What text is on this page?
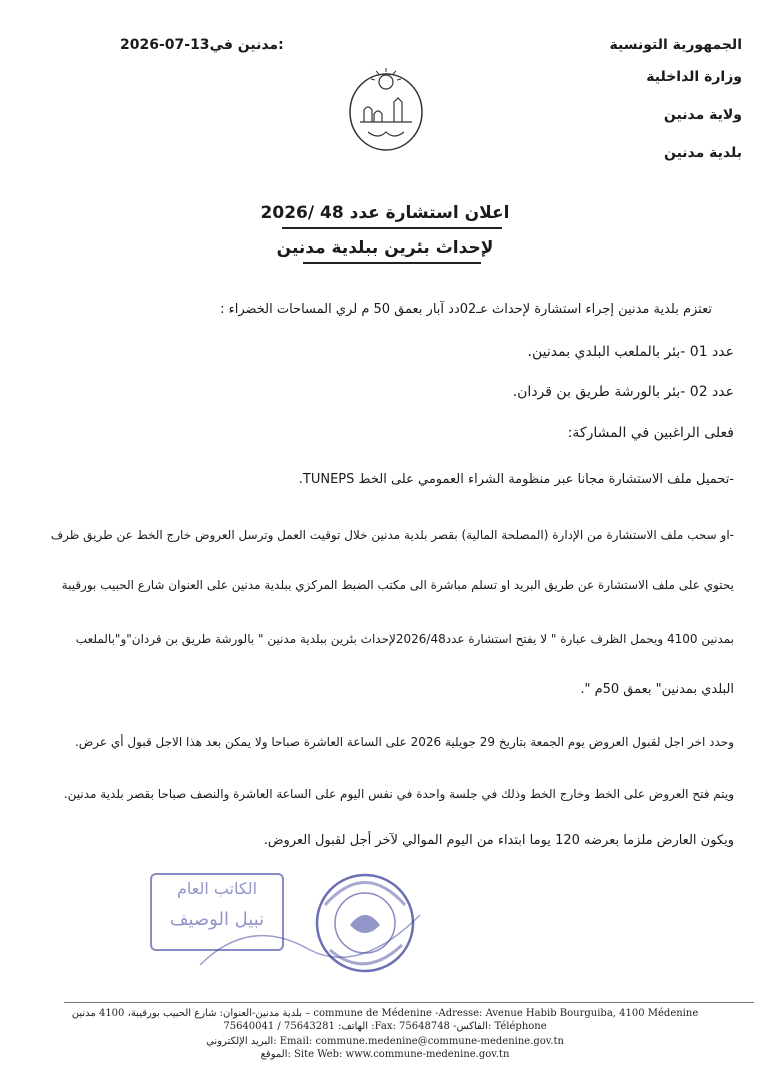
الجمهورية التونسية
وزارة الداخلية
ولاية مدنين
بلدية مدنين
2026-07-13مدنين في:
اعلان استشارة عدد 48 /2026
لإحداث بئرين ببلدية مدنين
تعتزم بلدية مدنين إجراء استشارة لإحداث عـ02دد آبار بعمق 50 م لري المساحات الخضراء :
عدد 01 -بئر بالملعب البلدي بمدنين.
عدد 02 -بئر بالورشة طريق بن قردان.
فعلى الراغبين في المشاركة:
-تحميل ملف الاستشارة مجانا عبر منظومة الشراء العمومي على الخط TUNEPS.
-او سحب ملف الاستشارة من الإدارة (المصلحة المالية) بقصر بلدية مدنين خلال توقيت العمل وترسل العروض خارج الخط عن طريق ظرف
يحتوي على ملف الاستشارة عن طريق البريد او تسلم مباشرة الى مكتب الضبط المركزي ببلدية مدنين على العنوان شارع الحبيب بورقيبة
بمدنين 4100 ويحمل الظرف عبارة " لا يفتح استشارة عدد2026/48لإحداث بئرين ببلدية مدنين " بالورشة طريق بن قردان"و"بالملعب
البلدي بمدنين" بعمق 50م ".
وحدد اخر اجل لقبول العروض يوم الجمعة بتاريخ 29 جويلية 2026 على الساعة العاشرة صباحا ولا يمكن بعد هذا الاجل قبول أي عرض.
ويتم فتح العروض على الخط وخارج الخط وذلك في جلسة واحدة في نفس اليوم على الساعة العاشرة والنصف صباحا بقصر بلدية مدنين.
ويكون العارض ملزما بعرضه 120 يوما ابتداء من اليوم الموالي لآخر أجل لقبول العروض.
الكاتب العام
نبيل الوصيف
بلدية مدنين-العنوان: شارع الحبيب بورقيبة، 4100 مدنين – commune de Médenine -Adresse: Avenue Habib Bourguiba, 4100 Médenine
الهاتف: 75643281 / 75640041 :Fax: 75648748 -الفاكس: Téléphone
البريد الإلكتروني: Email: commune.medenine@commune-medenine.gov.tn
الموقع: Site Web: www.commune-medenine.gov.tn
